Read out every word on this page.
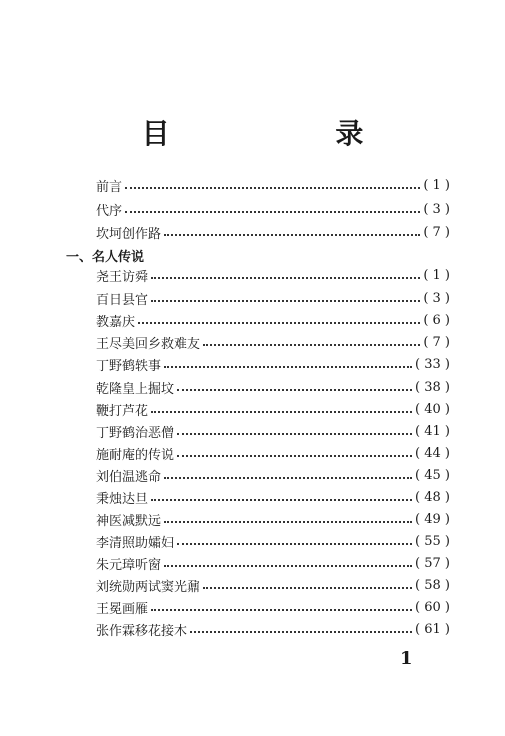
目 录
前言	( 1 )
代序	( 3 )
坎坷创作路	( 7 )
一、名人传说
尧王访舜	( 1 )
百日县官	( 3 )
教嘉庆	( 6 )
王尽美回乡救难友	( 7 )
丁野鹤轶事	( 33 )
乾隆皇上掘坟	( 38 )
鞭打芦花	( 40 )
丁野鹤治恶僧	( 41 )
施耐庵的传说	( 44 )
刘伯温逃命	( 45 )
秉烛达旦	( 48 )
神医减默远	( 49 )
李清照助孀妇	( 55 )
朱元璋听窗	( 57 )
刘统勋两试窦光鼐	( 58 )
王冕画雁	( 60 )
张作霖移花接木	( 61 )
1
